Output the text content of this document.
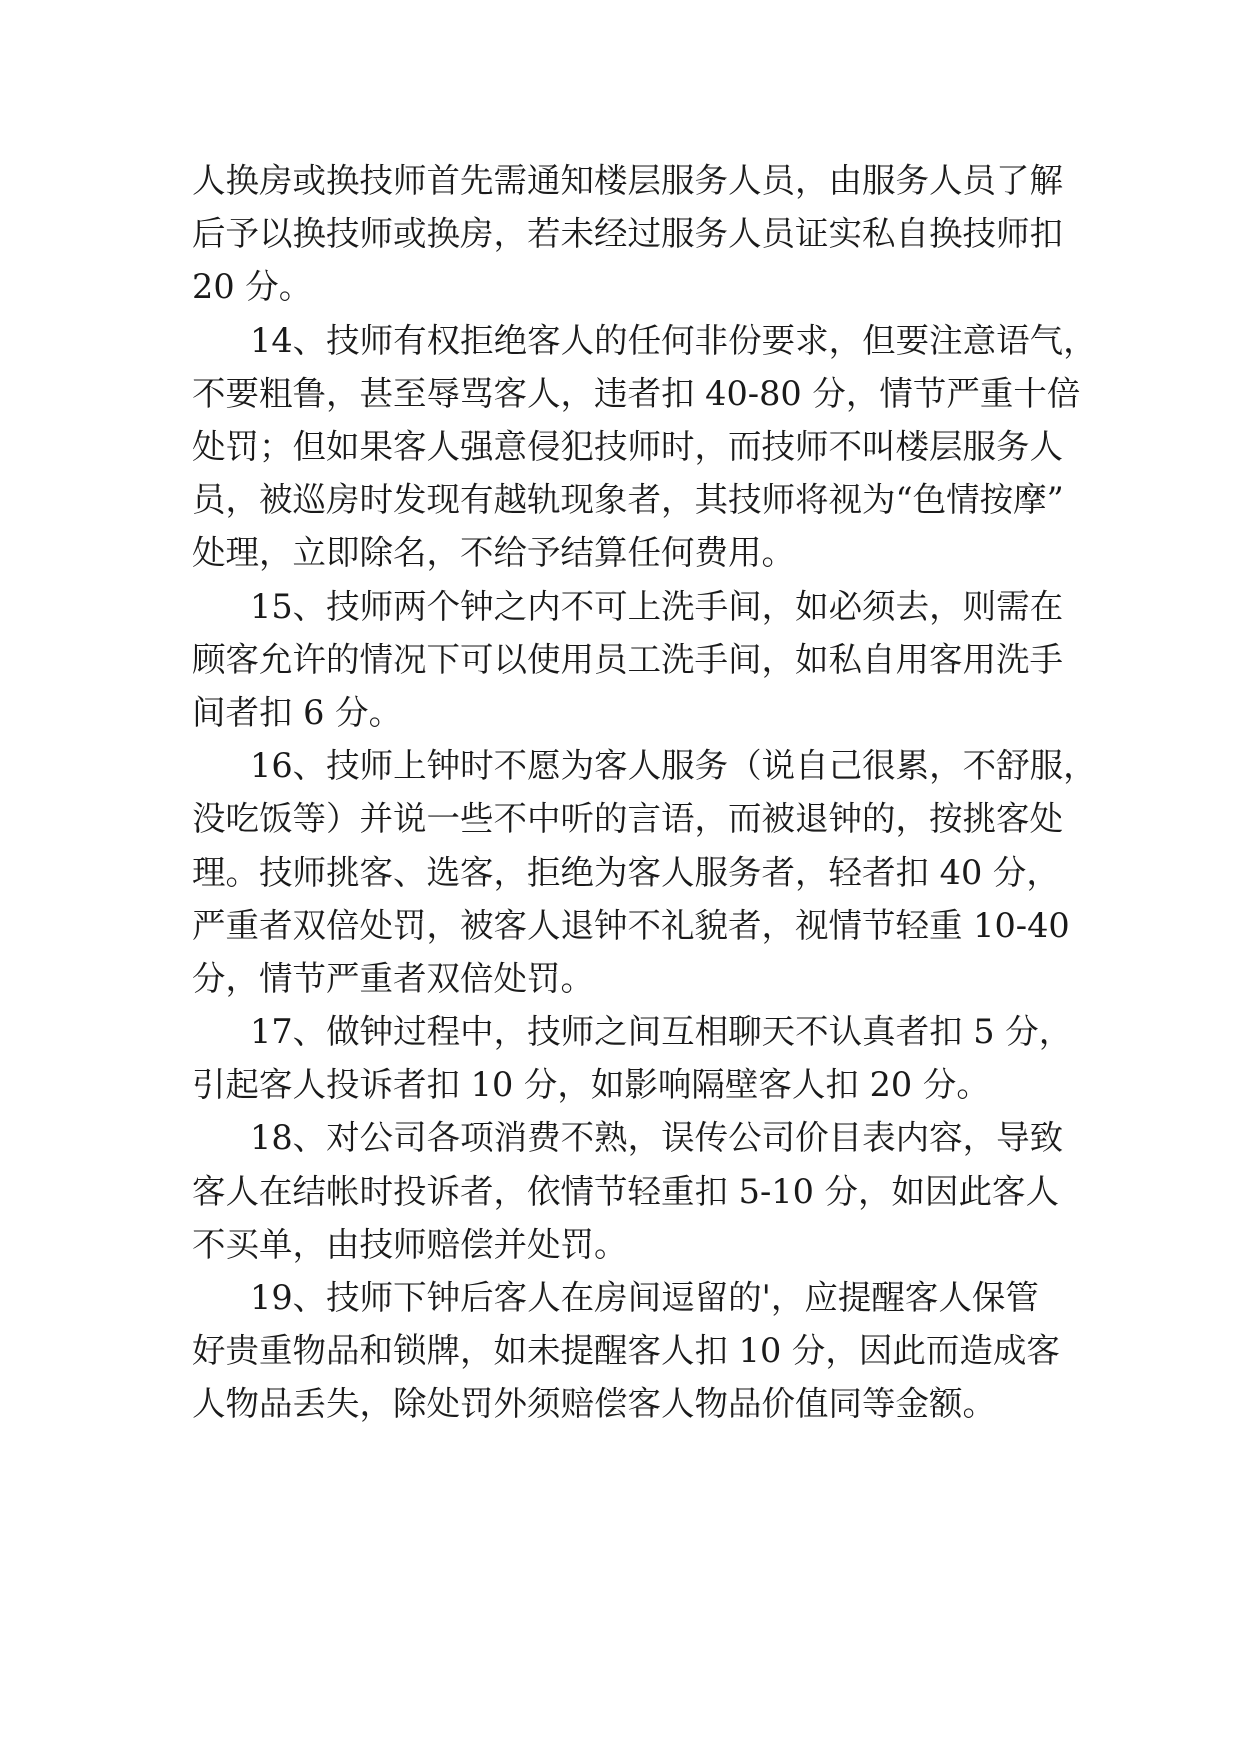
人换房或换技师首先需通知楼层服务人员，由服务人员了解
后予以换技师或换房，若未经过服务人员证实私自换技师扣
20 分。
14、技师有权拒绝客人的任何非份要求，但要注意语气，
不要粗鲁，甚至辱骂客人，违者扣 40-80 分，情节严重十倍
处罚；但如果客人强意侵犯技师时，而技师不叫楼层服务人
员，被巡房时发现有越轨现象者，其技师将视为“色情按摩”
处理，立即除名，不给予结算任何费用。
15、技师两个钟之内不可上洗手间，如必须去，则需在
顾客允许的情况下可以使用员工洗手间，如私自用客用洗手
间者扣 6 分。
16、技师上钟时不愿为客人服务（说自己很累，不舒服，
没吃饭等）并说一些不中听的言语，而被退钟的，按挑客处
理。技师挑客、选客，拒绝为客人服务者，轻者扣 40 分，
严重者双倍处罚，被客人退钟不礼貌者，视情节轻重 10-40
分，情节严重者双倍处罚。
17、做钟过程中，技师之间互相聊天不认真者扣 5 分，
引起客人投诉者扣 10 分，如影响隔壁客人扣 20 分。
18、对公司各项消费不熟，误传公司价目表内容，导致
客人在结帐时投诉者，依情节轻重扣 5-10 分，如因此客人
不买单，由技师赔偿并处罚。
19、技师下钟后客人在房间逗留的'，应提醒客人保管
好贵重物品和锁牌，如未提醒客人扣 10 分，因此而造成客
人物品丢失，除处罚外须赔偿客人物品价值同等金额。
